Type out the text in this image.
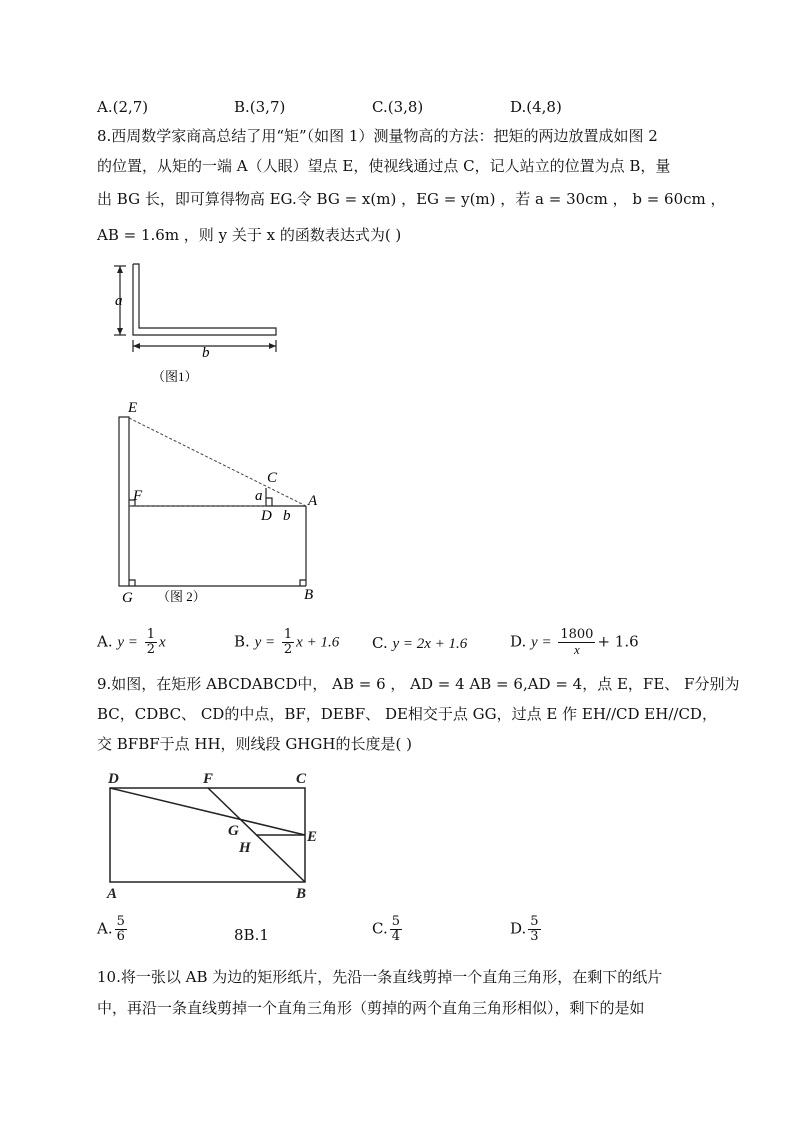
A.(2,7)	B.(3,7)	C.(3,8)	D.(4,8)
8.西周数学家商高总结了用“矩”（如图 1）测量物高的方法：把矩的两边放置成如图 2
的位置，从矩的一端 A（人眼）望点 E，使视线通过点 C，记人站立的位置为点 B，量
出 BG 长，即可算得物高 EG.令 BG = x(m) ，EG = y(m) ，若 a = 30cm ， b = 60cm ，
AB = 1.6m ，则 y 关于 x 的函数表达式为( )
a
b
（图1）
E
C
F	a	A
D b
G	B
（图 2）
A. $y = \frac{1}{2}$ x	B. $y = \frac{1}{2}$ x + 1.6 C. y = 2x + 1.6	D. $y = \frac{1800}{x} + 1.6$
9.如图，在矩形 ABCDABCD中， AB = 6 ， AD = 4 AB = 6,AD = 4，点 E，FE、 F分别为
BC，CDBC、 CD的中点，BF，DEBF、 DE相交于点 GG，过点 E 作 EH//CD EH//CD，
交 BFBF于点 HH，则线段 GHGH的长度是( )
D	F	C
G	E
H
A	B
A. $\frac{5}{6}$	8B.1	C. $\frac{5}{4}$	D. $\frac{5}{3}$
10.将一张以 AB 为边的矩形纸片，先沿一条直线剪掉一个直角三角形，在剩下的纸片
中，再沿一条直线剪掉一个直角三角形（剪掉的两个直角三角形相似），剩下的是如
